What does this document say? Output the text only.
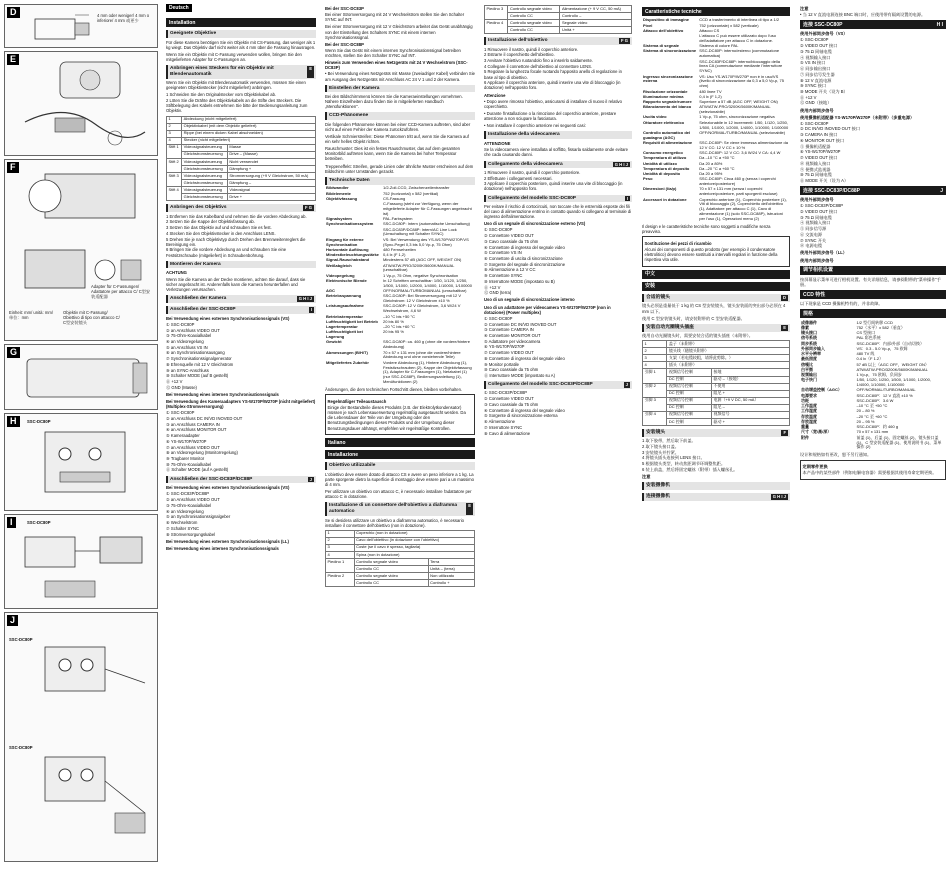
D	4 mm oder weniger/ 4 mm o inferiore/ 4 mm 或更少
E
F
Adapter für C-Fassungen/ Adattatore per attacco C/ C型安装适配器
Objektiv mit C-Fassung/ Obiettivo di tipo con attacco C/ C型安装镜头
Einheit: mm/ unità: mm/ 单位：mm
G
H	SSC-DC80P
I	SSC-DC80P
J
SSC-DC80P
SSC-DC80P
Deutsch
Installation
Geeignete Objektive

Für diese Kamera benötigen Sie ein Objektiv mit CS-Fassung, das weniger als 1 kg wiegt. Das Objektiv darf nicht weiter als 4 mm über die Fassung hinausragen.

Wenn Sie ein Objektiv mit C-Fassung verwenden wollen, bringen Sie den mitgelieferten Adapter für C-Fassungen an.

Anbringen eines Steckers für ein Objektiv mit Blendenautomatik
E

Wenn Sie ein Objektiv mit Blendenautomatik verwenden, müssen Sie einen geeigneten Objektivstecker (nicht mitgeliefert) anbringen.

1 Schneiden Sie den Originalstecker vom Objektivkabel ab.
2 Löten Sie die Drähte des Objektivkabels an die Stifte des Steckers. Die Stiftbelegung des Kabels entnehmen Sie bitte der Bedienungsanleitung zum Objektiv.
1	Abdeckung (nicht mitgeliefert)	
2	Objektivkabel (mit dem Objektiv geliefert)	
3	Rippe (bei einem dicken Kabel abschneiden)	
4	Stecker (nicht mitgeliefert)	
Stift 1	Videosignalsteuerung	Masse
	Gleichstromsteuerung	Drive – (Masse)
Stift 2	Videosignalsteuerung	Nicht verwendet
	Gleichstromsteuerung	Dämpfung +
Stift 3	Videosignalsteuerung	Stromversorgung (+9 V Gleichstrom, 50 mA)
	Gleichstromsteuerung	Dämpfung –
Stift 4	Videosignalsteuerung	Videosignal
	Gleichstromsteuerung	Drive +
Anbringen des Objektivs	F G
1 Entfernen Sie das Kabelband und nehmen Sie die vordere Abdeckung ab.
2 Setzen Sie die Kappe der Objektivfassung ab.
3 Setzen Sie das Objektiv auf und schrauben Sie es fest.
4 Stecken Sie den Objektivstecker in den Anschluss LENS.
5 Drehen Sie je nach Objektivtyp durch Drehen des Brennweitenreglers die Bereinigung ein.
6 Bringen Sie die vordere Abdeckung an und schrauben Sie eine Festsitzschraube (mitgeliefert) in Schraubenbohrung.
Montieren der Kamera

ACHTUNG

Wenn Sie die Kamera an der Decke montieren, achten Sie darauf, dass sie sicher angebracht ist. Anderenfalls kann die Kamera herunterfallen und Verletzungen verursachen.

Anschließen der Kamera	G H I J
Anschließen der SSC-DC80P	I

Bei Verwendung eines externen Synchronisationssignals (VS)

① SSC-DC80P
② an Anschluss VIDEO OUT
③ 75-Ohm-Koaxialkabel
④ an Videoregelung
⑤ an Anschluss VS IN
⑥ an Synchronisationsausgang
⑦ Synchronisationssignalgenerator
⑧ Ehrenquelle mit 12 V Gleichstrom
⑨ an SYNC-Anschluss
⑩ Schalter MODE (auf B gestellt)
⑪ +12 V
⑫ GND (Masse)

Bei Verwendung eines internen Synchronisationssignals

Bei Verwendung des Kameraadapters YS-W170P/W270P (nicht mitgeliefert) (Multiplex-Stromversorgung)

① SSC-DC80P
② an Anschluss DC IN/VD INOVED OUT
③ an Anschluss CAMERA IN
④ an Anschluss MONITOR OUT
⑤ Kameraadapter
⑥ YS-W170P/W270P
⑦ an Anschluss VIDEO OUT
⑧ an Videoregelung (Monitorregelung)
⑨ Tragbarer Monitor
⑩ 75-Ohm-Koaxialkabel
⑪ Schalter MODE (auf A gestellt)
Anschließen der SSC-DC83P/DC88P	J

Bei Verwendung eines externen Synchronisationssignals (VS)

① SSC-DC83P/DC88P
② an Anschluss VIDEO OUT
③ 75-Ohm-Koaxialkabel
④ an Videoregelung
⑤ an Synchronisationssignalgeber
⑥ Wechselstrom
⑦ Schalter SYNC
⑧ Stromversorgungskabel

Bei Verwendung eines externen Synchronisationssignals (LL)

Bei Verwendung eines internen Synchronisationssignals

Bei der SSC-DC83P

Bei einer Stromversorgung mit 24 V Wechselstrom stellen Sie den Schalter SYNC auf INT.

Bei einer Stromversorgung mit 12 V Gleichstrom arbeitet das Gerät unabhängig von der Einstellung des Schalters SYNC mit einem internen Synchronisationssignal.

Bei der SSC-DC88P

Wenn Sie das Gerät mit einem internen Synchronisationssignal betreiben möchten, stellen Sie den Schalter SYNC auf INT.

Hinweis zum Verwenden eines Netzgeräts mit 24 V Wechselstrom (SSC-DC83P)

• Bei Verwendung eines Netzgeräts mit Masse (zweiadriger Kabel) verbinden Sie am Ausgang des Netzgeräts mit Anschluss AC 24 V 1 und 2 der Kamera.

Einstellen der Kamera

Bei den Bildschirmmenü können Sie die Kameraeinstellungen vornehmen. Nähere Einzelheiten dazu finden Sie in mitgelieferten Handbuch „Menüfunktionen".

CCD-Phänomene

Die folgenden Phänomene können bei einer CCD-Kamera auftreten, sind aber nicht auf einen Fehler der Kamera zurückzuführen.

Vertikale Schmierstreifen: Diese Phänomen tritt auf, wenn Sie die Kamera auf ein sehr helles Objekt richten.

Rauschmuster: Dies ist ein festes Rauschmuster, das auf dem gesamten Monitorbild auftreten kann, wenn Sie die Kamera bei hoher Temperatur betreiben.

Treppeneffekt: Streifen, gerade Linien oder ähnliche Muster erscheinen auf dem Bildschirm unter Umständen gezackt.

Technische Daten
Bildwandler	1/2-Zoll-CCD, Zwischenzeilentransfer
Bildelemente	752 (horizontal) x 582 (vertikal)
Objektivfassung	CS-Fassung
	C-Fassung (steht zur Verfügung, wenn der mitgelieferte Adapter für C-Fassungen angebracht ist)
Signalsystem	PAL-Farbsystem
Synchronisationssystem	SSC-DC80P: Intern (automatische Umschaltung)
	SSC-DC83P/DC88P: Intern/AC Line Lock (Umschaltung mit Schalter SYNC)
Eingang für externe Synchronisation	VS: Bei Verwendung des YS-W170P/W270P/VS (Sync-Pegel 0,3 bis 5,0 Vp-p, 75 Ohm)
Horizontale Auflösung	480 Fernsehzeilen
Mindestbeleuchtungsstärke	0,4 lx (F 1,2)
Signal-Rauschabstand	Mindestens 57 dB (AGC OFF, WEIGHT ON)
Weißabgleich	ATW/ATW-PRO/3200K/5600K/MANUAL (umschaltbar)
Videopegelung	1 Vp-p, 75 Ohm, negative Synchronisation
Elektronische Blende	In 12 Schritten umschaltbar: 1/50, 1/120, 1/250, 1/500, 1/1000, 1/2000, 1/4000, 1/10000, 1/100000
AGC	OFF/NORMAL/TURBOMANUAL (umschaltbar)
Betriebsspannung	SSC-DC80P: Bei Stromversorgung mit 12 V Gleichstrom: 12 V Gleichstrom ±10 %
Leistungsaufnahme	SSC-DC80P: 12 V Gleichstrom, 3,6 W/24 V Wechselstrom, 4,6 W
Betriebstemperatur	–10 °C bis +50 °C
Luftfeuchtigkeit bei Betrieb	20 bis 80 %
Lagertemperatur	–20 °C bis +60 °C
Luftfeuchtigkeit bei Lagerung	20 bis 95 %
Gewicht	SSC-DC80P: ca. 460 g (ohne die vordere/hintere Abdeckung)
Abmessungen (B/H/T)	70 x 57 x 131 mm (ohne die vordere/hintere Abdeckung und ohne vorstehende Teile)
Mitgeliefertes Zubehör	Vordere Abdeckung (1), Hintere Abdeckung (1), Festsitzschrauben (2), Kappe der Objektivfassung (1), Adapter für C-Fassungen (1), Netzkabel (1) (nur SSC-DC88P), Bedienungsanleitung (1), Menüfunktionen (2)

Änderungen, die dem technischen Fortschritt dienen, bleiben vorbehalten.

Regelmäßiger Teileaustausch

Einige der Bestandteile dieses Produkts (z.B. der Elektrolytkondensator) müssen je nach Lebensauerwertung regelmäßig ausgetauscht werden. Da die Lebensdauer der Teile von der Umgebung oder den Benutzungsbedingungen dieses Produkts und der Umgebung dieser Benutzungsdauer abhängt, empfehlen wir regelmäßige Kontrollen.

Italiano
Installazione
Obiettivo utilizzabile

L'obiettivo deve essere dotato di attacco CS e avere un peso inferiore a 1 kg. La parte sporgente dietro la superficie di montaggio deve essere pari a un massimo di 4 mm.

Per utilizzare un obiettivo con attacco C, è necessario installare l'adattatore per attacco C in dotazione.

Installazione di un connettore dell'obiettivo a diaframma automatico
E

Se si desidera utilizzare un obiettivo a diaframma automatico, è necessario installare il connettore dell'obiettivo (non in dotazione).

1	Coperchio (non in dotazione)	
2	Cavo dell'obiettivo (in dotazione con l'obiettivo)	
3	Coste (se il cavo è spesso, tagliarla)	
4	Spina (non in dotazione)	
Piedino 1	Controllo segnale video	Terra
	Controllo CC	Unità – (terra)
Piedino 2	Controllo segnale video	Non utilizzato
	Controllo CC	Controllo +
Piedino 3	Controllo segnale video	Alimentazione (+ 9 V CC, 50 mA)
	Controllo CC	Controllo –
Piedino 4	Controllo segnale video	Segnale video
	Controllo CC	Unità +
Installazione dell'obiettivo	F G
1 Rimuovere il nastro, quindi il coperchio anteriore.
2 Estrarre il coperchietto dell'obiettivo.
3 Avvitare l'obiettivo ruotandolo fino a inserirlo saldamente.
4 Collegare il connettore dell'obiettivo al connettore LENS.
5 Regolare la lunghezza focale ruotando l'apposito anello di regolazione in base al tipo di obiettivo.
6 Applicare il coperchio anteriore, quindi inserire una vite di bloccaggio (in dotazione) nell'apposito foro.

Attenzione

• Dopo avere rimosso l'obiettivo, assicurarsi di installare di nuovo il relativo coperchietto.

• Durante l'installazione o la rimozione del coperchio anteriore, prestare attenzione a non sciupare la fasciatura.

• Non installare il coperchio anteriore nei seguenti casi:

Installazione della videocamera

ATTENZIONE

Se la videocamera viene installata al soffitto, fissarla saldamente onde evitare che cada causando danni.

Collegamento della videocamera	G H I J
1 Rimuovere il nastro, quindi il coperchio posteriore.
2 Effettuare i collegamenti necessari.
3 Applicare il coperchio posteriore, quindi inserire una vite di bloccaggio (in dotazione) nell'apposito foro.
Collegamento del modello SSC-DC80P	I

Per evitare il rischio di cortocircuiti, non toccare che le estremità esposte dei fili del cavo di alimentazione entrino in contatto quando si collegano al terminale di ingresso dell'alimentazione.

Uso di un segnale di sincronizzazione esterno (VS)

① SSC-DC80P
② Connettore VIDEO OUT
③ Cavo coassiale da 75 ohm
④ Connettore di ingresso del segnale video
⑤ Connettore VS IN
⑥ Connettore di uscita di sincronizzazione
⑦ Sorgente del segnale di sincronizzazione
⑧ Alimentazione a 12 V CC
⑨ Connettore SYNC
⑩ Interruttore MODE (impostato su B)
⑪ +12 V
⑫ GND (terra)

Uso di un segnale di sincronizzazione interno

Uso di un adattatore per videocamera YS-W170P/W270P (non in dotazione) (Power multiplex)

① SSC-DC80P
② Connettore DC IN/VD INOVED OUT
③ Connettore CAMERA IN
④ Connettore MONITOR OUT
⑤ Adattatore per videocamera
⑥ YS-W170P/W270P
⑦ Connettore VIDEO OUT
⑧ Connettore di ingresso del segnale video
⑨ Monitor portatile
⑩ Cavo coassiale da 75 ohm
⑪ Interruttore MODE (impostato su A)
Collegamento del modello SSC-DC83P/DC88P	J
① SSC-DC83P/DC88P
② Connettore VIDEO OUT
③ Cavo coassiale da 75 ohm
④ Connettore di ingresso del segnale video
⑤ Sorgente di sincronizzazione esterna
⑥ Alimentazione
⑦ Interruttore SYNC
⑧ Cavo di alimentazione
Caratteristiche tecniche
Dispositivo di immagine	CCD a trasferimento di interlinea di tipo a 1/2
Pixel	752 (orizzontale) x 582 (verticale)
Attacco dell'obiettivo	Attacco CS
	L'attacco C può essere utilizzato dopo l'uso dell'adattatore per attacco C in dotazione.
Sistema di segnale	Sistema di colore PAL
Sistema di sincronizzazione	SSC-DC80P: interno/esterno (commutazione automatica)
	SSC-DC83P/DC88P: interno/bloccaggio della linea CA (commutazione mediante l'interruttore SYNC)
Ingresso sincronizzazione esterna	VS: Uso YS-W170P/W270P non è in uso/VS (livello di sincronizzazione da 0,3 a 5,0 Vp-p, 75 ohm)
Risoluzione orizzontale	480 linee TV
Illuminazione minima	0,4 lx (F 1,2)
Rapporto segnale/rumore	Superiore a 57 dB (AGC OFF, WEIGHT ON)
Bilanciamento del bianco	ATW/ATW-PRO/3200K/5600K/MANUAL (selezionabile)
Uscita video	1 Vp-p, 75 ohm, sincronizzazione negativa
Otturatore elettronico	Selezionabile in 12 incrementi: 1/50, 1/120, 1/250, 1/500, 1/1000, 1/2000, 1/4000, 1/10000, 1/100000
Controllo automatico del guadagno (AGC)	OFF/NORMAL/TURBO/MANUAL (selezionabile)
Requisiti di alimentazione	SSC-DC80P: Se viene immessa alimentazione da 12 V CC: 12 V CC ± 10 %
Consumo energetico	SSC-DC80P: 12 V CC: 3,6 W/24 V CA: 4,4 W
Temperatura di utilizzo	Da –10 °C a +50 °C
Umidità di utilizzo	Da 20 a 80%
Temperatura di deposito	Da –20 °C a +60 °C
Umidità di deposito	Da 20 a 95%
Peso	SSC-DC80P: Circa 460 g (senza i coperchi anteriore/posteriore)
Dimensioni (l/a/p)	70 x 57 x 131 mm (senza i coperchi anteriore/posteriore, parti sporgenti escluse)
Accessori in dotazione	Coperchio anteriore (1), Coperchio posteriore (1), Viti di bloccaggio (2), Coperchietto dell'obiettivo (1), Adattatore per attacco C (1), Cavo di alimentazione (1) (solo SSC-DC88P), Istruzioni per l'uso (1), Operazioni menu (2)

Il design e le caratteristiche tecniche sono soggetti a modifiche senza preavviso.

Sostituzione dei pezzi di ricambio

Alcuni dei componenti di questo prodotto (per esempio il condensatore elettrolitico) devono essere sostituiti a intervalli regolari in funzione della rispettiva vita utile.

中文
安装
合适的镜头	D

镜头必须是重量低于 1 kg 的 CS 型安装镜头，镜头安装面的突出部分必须在 4 mm 以下。

使用 C 型安装镜头时，请安装附带的 C 型安装适配器。

安装自动光圈镜头插座	E

使用自动光圈镜头时，需要安装合适的镜头插座（未附带）。

1	盖子（未附带）	
2	镜头线（随镜头附带）	
3	支架（若电缆较粗，请将此剪除。）	
4	插头（未附带）	
引脚 1	视频信号控制	接地
	DC 控制	驱动 –（接地）
引脚 2	视频信号控制	不使用
	DC 控制	阻尼 +
引脚 3	视频信号控制	电源（+9 V DC, 50 mA）
	DC 控制	阻尼 –
引脚 4	视频信号控制	视频信号
	DC 控制	驱动 +
安装镜头	F
1 取下胶带，然后取下前盖。
2 取下镜头接口盖。
3 安装镜头并拧紧。
4 将镜头插头连接到 LENS 接口。
5 根据镜头类型，转动焦距调节环调整焦距。
6 装上前盖，然后将固定螺丝（附带）插入螺丝孔。

注意

安装摄像机
连接摄像机	G H I J

注意

• 当 12 V 直流电源连接 BNC 端口时，应使用带有隔离设置的电源。

连接 SSC-DC80P	H I

使用外部同步信号（VS）

① SSC-DC80P
② VIDEO OUT 接口
③ 75 Ω 同轴电缆
④ 视频输入接口
⑤ VS IN 接口
⑥ 同步输出接口
⑦ 同步信号发生器
⑧ 12 V 直流电源
⑨ SYNC 接口
⑩ MODE 开关（设为 B）
⑪ +12 V
⑫ GND（接地）

使用内部同步信号

使用摄像机适配器 YS-W170P/W270P（未附带）（多重电源）

① SSC-DC80P
② DC IN/VD INOVED OUT 接口
③ CAMERA IN 接口
④ MONITOR OUT 接口
⑤ 摄像机适配器
⑥ YS-W170P/W270P
⑦ VIDEO OUT 接口
⑧ 视频输入接口
⑨ 便携式监视器
⑩ 75 Ω 同轴电缆
⑪ MODE 开关（设为 A）
连接 SSC-DC83P/DC88P	J

使用外部同步信号

① SSC-DC83P/DC88P
② VIDEO OUT 接口
③ 75 Ω 同轴电缆
④ 视频输入接口
⑤ 同步信号源
⑥ 交流电源
⑦ SYNC 开关
⑧ 电源电缆

使用外部同步信号（LL）

使用内部同步信号

调节相机设置

按屏幕显示菜单可进行相机设置。有关详细信息，请参阅附带的“菜单操作”手册。

CCD 特性

以下现象是 CCD 摄像机特有的，并非故障。

规格
成像器件	1/2 型行间转移 CCD
像素	752（水平）x 582（垂直）
镜头接口	CS 型接口
信号系统	PAL 彩色系统
同步系统	SSC-DC80P：内部/外部（自动切换）
外部同步输入	VS：0.3 - 5.0 Vp-p，75 欧姆
水平分辨率	480 TV 线
最低照度	0.4 lx（F 1.2）
信噪比	57 dB 以上（AGC OFF，WEIGHT ON）
白平衡	ATW/ATW-PRO/3200K/5600K/MANUAL
视频输出	1 Vp-p，75 欧姆，负同步
电子快门	1/50, 1/120, 1/250, 1/500, 1/1000, 1/2000, 1/4000, 1/10000, 1/100000
自动增益控制（AGC）	OFF/NORMAL/TURBO/MANUAL
电源要求	SSC-DC80P：12 V 直流 ±10 %
功耗	SSC-DC80P：3.6 W
工作温度	–10 °C 至 +50 °C
工作湿度	20 – 80 %
存放温度	–20 °C 至 +60 °C
存放湿度	20 – 95 %
重量	SSC-DC80P：约 460 g
尺寸（宽/高/深）	70 x 57 x 131 mm
附件	前盖 (1)，后盖 (1)，固定螺丝 (2)，镜头接口盖 (1)，C 型安装适配器 (1)，使用说明书 (1)，菜单操作 (2)

设计和规格如有更改，恕不另行通知。

定期零件更换

本产品中的某些部件（例如电解电容器）需要根据其使用寿命定期更换。
